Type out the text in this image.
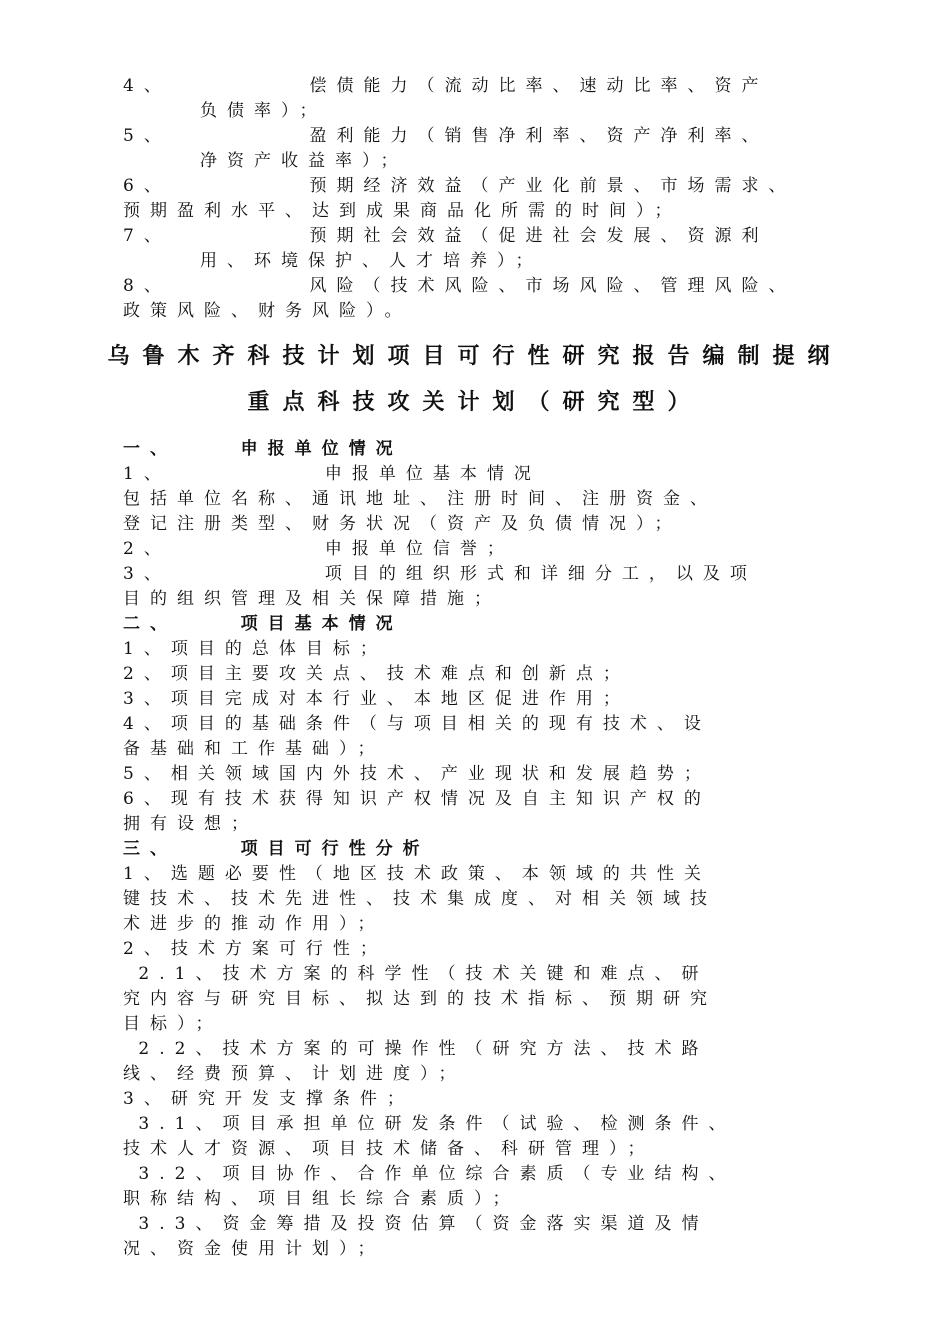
4、         偿债能力（流动比率、速动比率、资产
负债率）；
5、         盈利能力（销售净利率、资产净利率、
净资产收益率）；
6、         预期经济效益（产业化前景、市场需求、
预期盈利水平、达到成果商品化所需的时间）；
7、         预期社会效益（促进社会发展、资源利
用、环境保护、人才培养）；
8、         风险（技术风险、市场风险、管理风险、
政策风险、财务风险）。
乌鲁木齐科技计划项目可行性研究报告编制提纲
重点科技攻关计划（研究型）
一、    申报单位情况
1、          申报单位基本情况
包括单位名称、通讯地址、注册时间、注册资金、
登记注册类型、财务状况（资产及负债情况）；
2、          申报单位信誉；
3、          项目的组织形式和详细分工，以及项
目的组织管理及相关保障措施；
二、    项目基本情况
1、项目的总体目标；
2、项目主要攻关点、技术难点和创新点；
3、项目完成对本行业、本地区促进作用；
4、项目的基础条件（与项目相关的现有技术、设
备基础和工作基础）；
5、相关领域国内外技术、产业现状和发展趋势；
6、现有技术获得知识产权情况及自主知识产权的
拥有设想；
三、    项目可行性分析
1、选题必要性（地区技术政策、本领域的共性关
键技术、技术先进性、技术集成度、对相关领域技
术进步的推动作用）；
2、技术方案可行性；
2.1、技术方案的科学性（技术关键和难点、研
究内容与研究目标、拟达到的技术指标、预期研究
目标）；
2.2、技术方案的可操作性（研究方法、技术路
线、经费预算、计划进度）；
3、研究开发支撑条件；
3.1、项目承担单位研发条件（试验、检测条件、
技术人才资源、项目技术储备、科研管理）；
3.2、项目协作、合作单位综合素质（专业结构、
职称结构、项目组长综合素质）；
3.3、资金筹措及投资估算（资金落实渠道及情
况、资金使用计划）；
